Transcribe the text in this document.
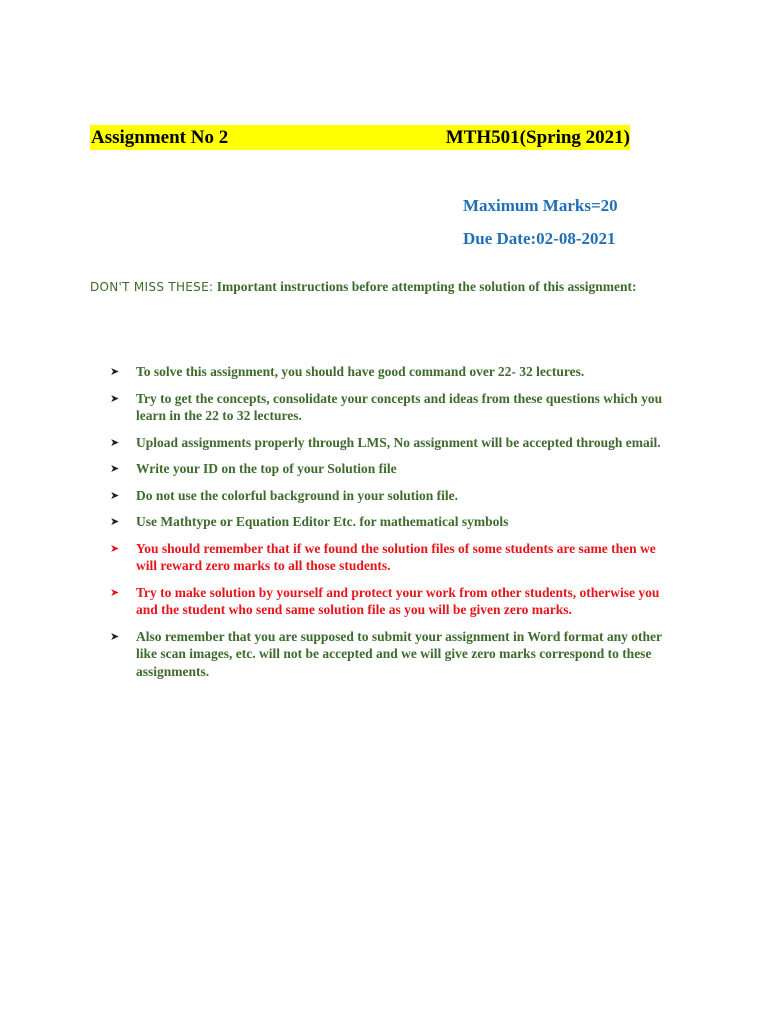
Assignment No 2	MTH501(Spring 2021)
Maximum Marks=20
Due Date:02-08-2021
DON'T MISS THESE: Important instructions before attempting the solution of this assignment:
➤	To solve this assignment, you should have good command over 22- 32 lectures.
➤	Try to get the concepts, consolidate your concepts and ideas from these questions which you learn in the 22 to 32 lectures.
➤	Upload assignments properly through LMS, No assignment will be accepted through email.
➤	Write your ID on the top of your Solution file
➤	Do not use the colorful background in your solution file.
➤	Use Mathtype or Equation Editor Etc. for mathematical symbols
➤	You should remember that if we found the solution files of some students are same then we will reward zero marks to all those students.
➤	Try to make solution by yourself and protect your work from other students, otherwise you and the student who send same solution file as you will be given zero marks.
➤	Also remember that you are supposed to submit your assignment in Word format any other like scan images, etc. will not be accepted and we will give zero marks correspond to these assignments.
